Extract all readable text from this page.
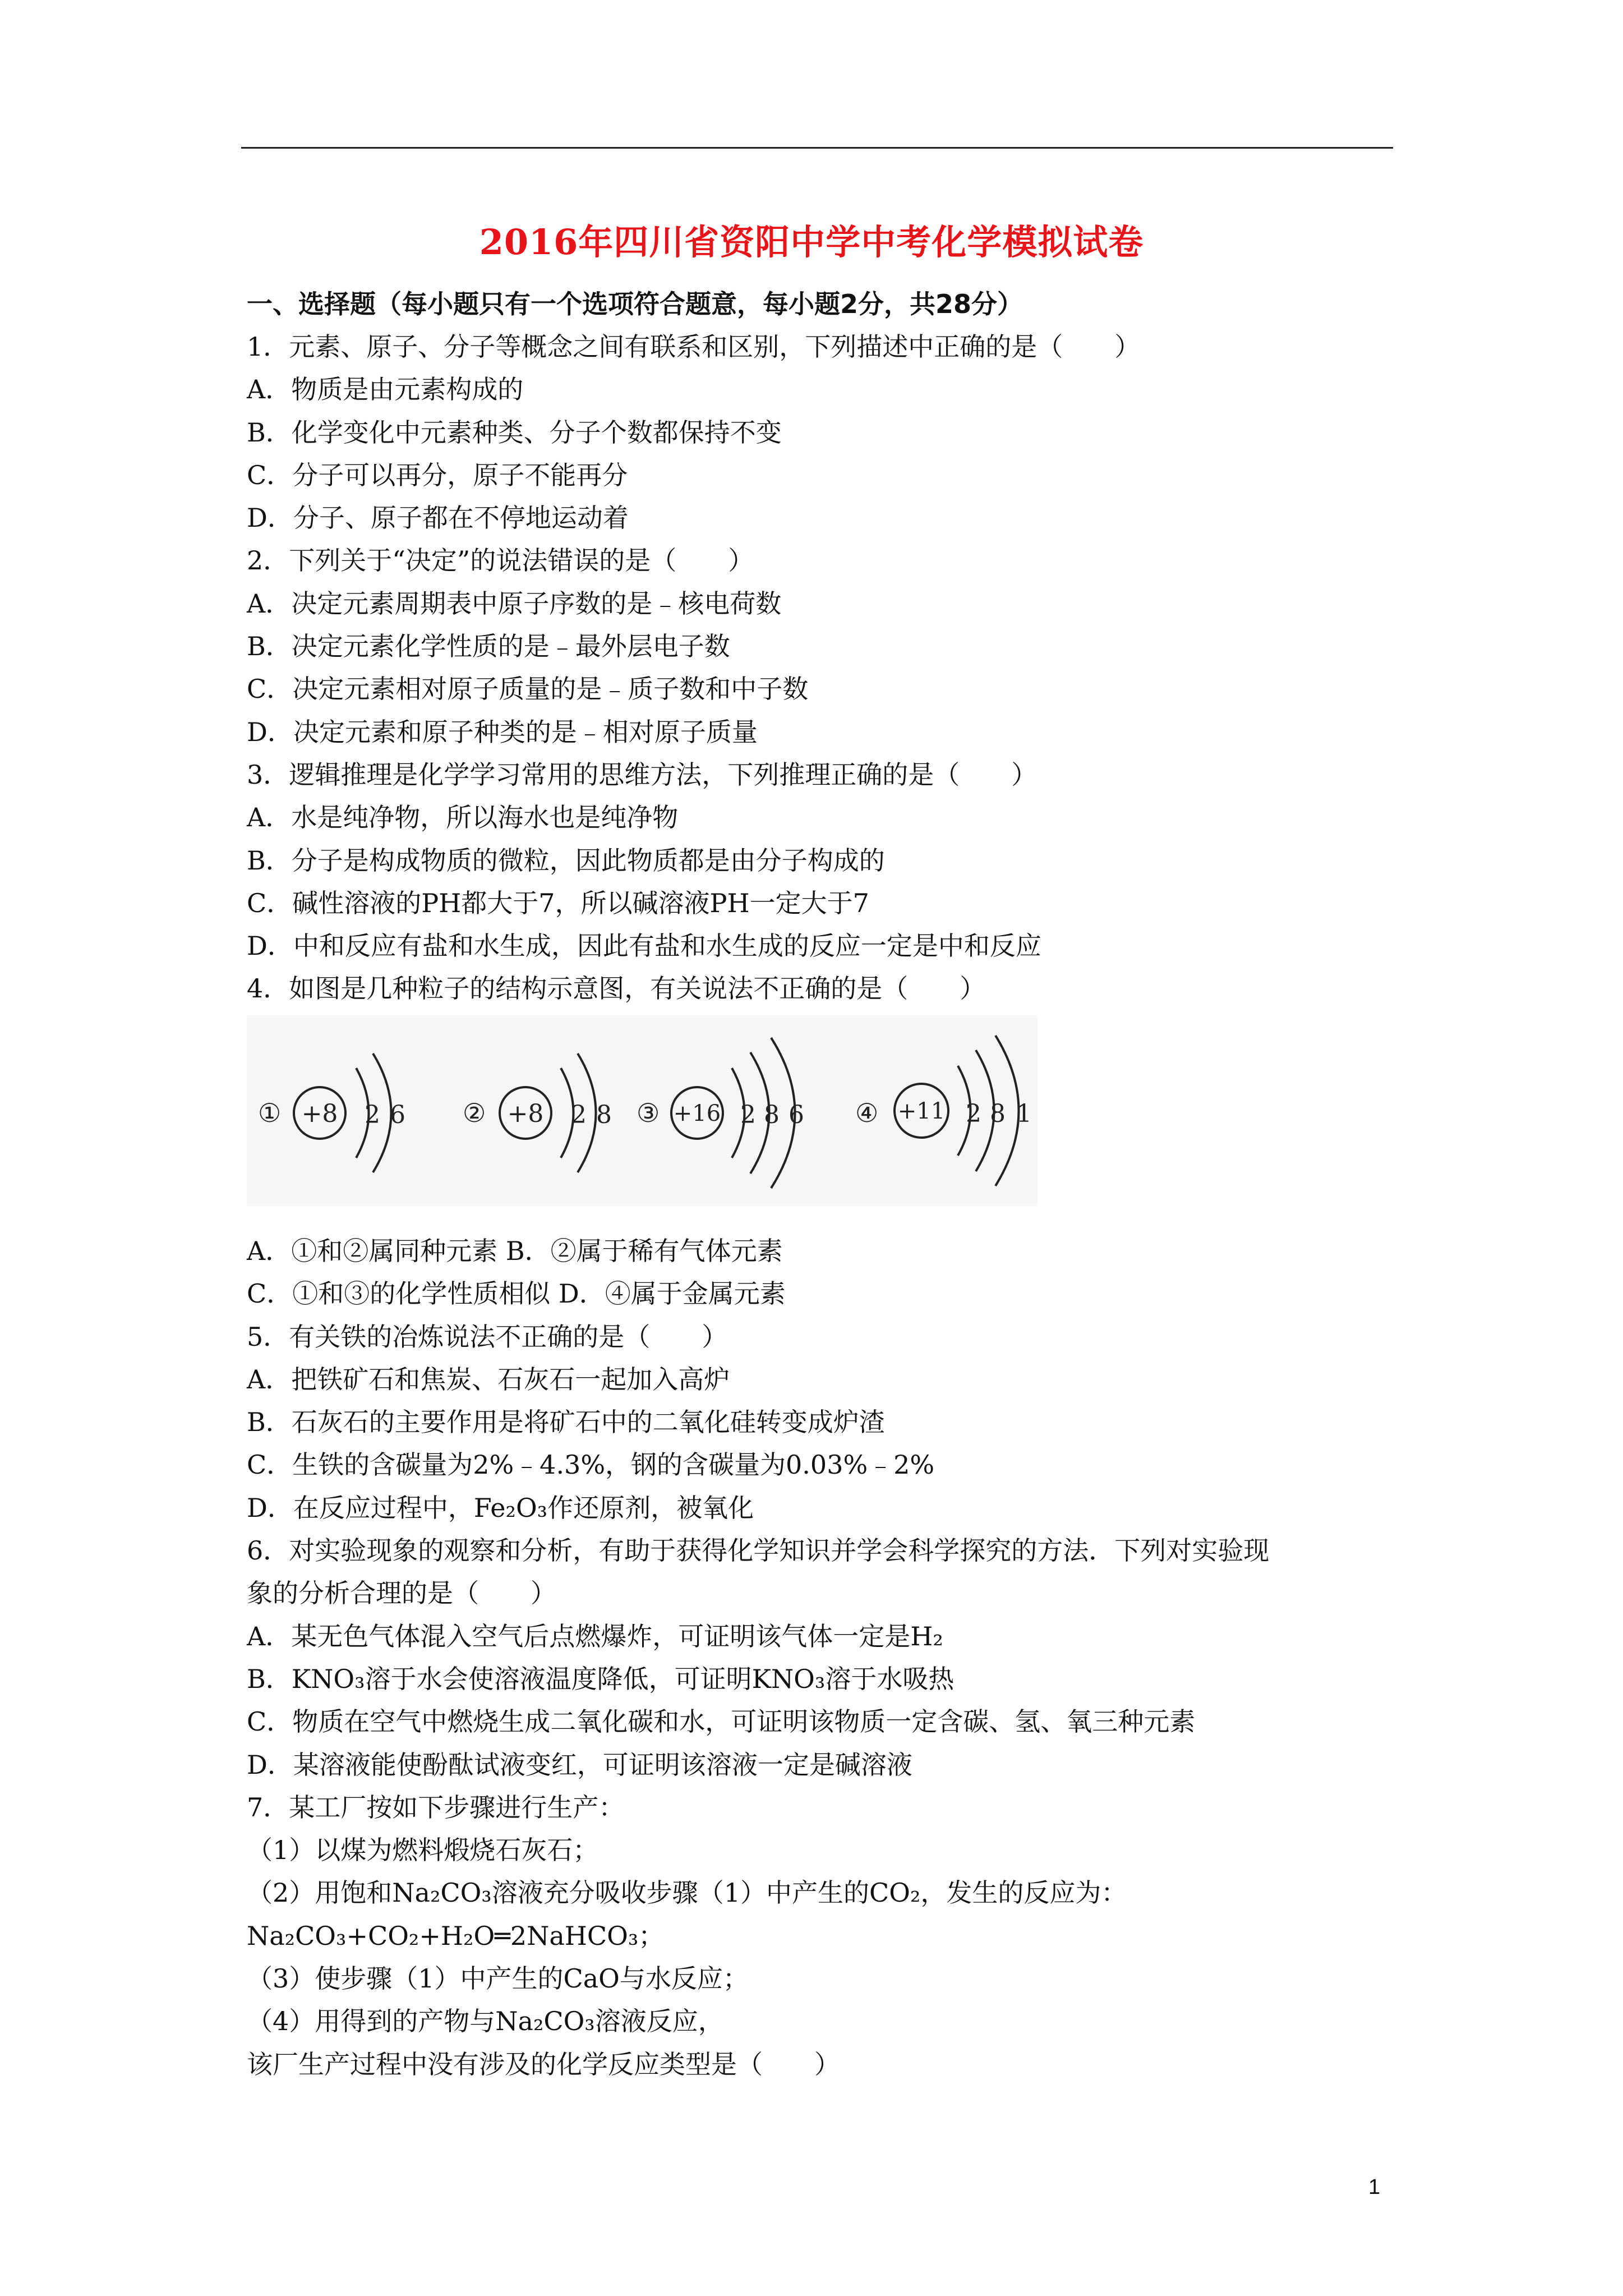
2016年四川省资阳中学中考化学模拟试卷
一、选择题（每小题只有一个选项符合题意，每小题2分，共28分）
1．元素、原子、分子等概念之间有联系和区别，下列描述中正确的是（　　）
A．物质是由元素构成的
B．化学变化中元素种类、分子个数都保持不变
C．分子可以再分，原子不能再分
D．分子、原子都在不停地运动着
2．下列关于“决定”的说法错误的是（　　）
A．决定元素周期表中原子序数的是﹣核电荷数
B．决定元素化学性质的是﹣最外层电子数
C．决定元素相对原子质量的是﹣质子数和中子数
D．决定元素和原子种类的是﹣相对原子质量
3．逻辑推理是化学学习常用的思维方法，下列推理正确的是（　　）
A．水是纯净物，所以海水也是纯净物
B．分子是构成物质的微粒，因此物质都是由分子构成的
C．碱性溶液的PH都大于7，所以碱溶液PH一定大于7
D．中和反应有盐和水生成，因此有盐和水生成的反应一定是中和反应
4．如图是几种粒子的结构示意图，有关说法不正确的是（　　）
① +8 2 6 ② +8 2 8 ③ +16 2 8 6 ④ +11 2 8 1
A．①和②属同种元素 B．②属于稀有气体元素
C．①和③的化学性质相似 D．④属于金属元素
5．有关铁的冶炼说法不正确的是（　　）
A．把铁矿石和焦炭、石灰石一起加入高炉
B．石灰石的主要作用是将矿石中的二氧化硅转变成炉渣
C．生铁的含碳量为2%﹣4.3%，钢的含碳量为0.03%﹣2%
D．在反应过程中，Fe₂O₃作还原剂，被氧化
6．对实验现象的观察和分析，有助于获得化学知识并学会科学探究的方法．下列对实验现
象的分析合理的是（　　）
A．某无色气体混入空气后点燃爆炸，可证明该气体一定是H₂
B．KNO₃溶于水会使溶液温度降低，可证明KNO₃溶于水吸热
C．物质在空气中燃烧生成二氧化碳和水，可证明该物质一定含碳、氢、氧三种元素
D．某溶液能使酚酞试液变红，可证明该溶液一定是碱溶液
7．某工厂按如下步骤进行生产：
（1）以煤为燃料煅烧石灰石；
（2）用饱和Na₂CO₃溶液充分吸收步骤（1）中产生的CO₂，发生的反应为：
Na₂CO₃+CO₂+H₂O═2NaHCO₃；
（3）使步骤（1）中产生的CaO与水反应；
（4）用得到的产物与Na₂CO₃溶液反应，
该厂生产过程中没有涉及的化学反应类型是（　　）
1
